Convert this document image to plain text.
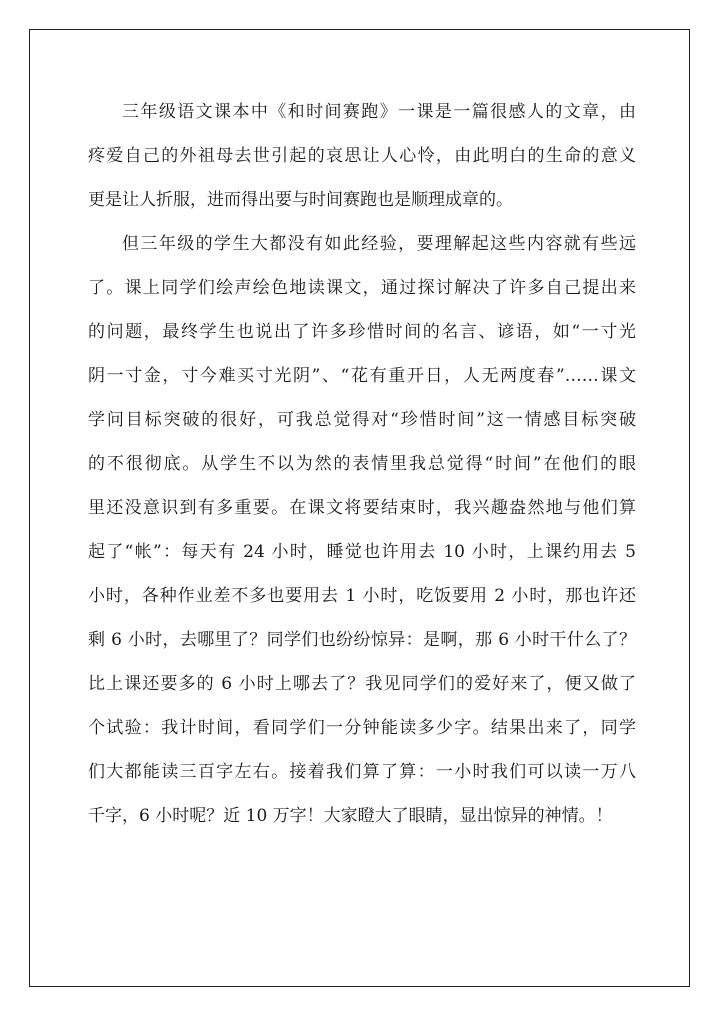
三年级语文课本中《和时间赛跑》一课是一篇很感人的文章，由
疼爱自己的外祖母去世引起的哀思让人心怜，由此明白的生命的意义
更是让人折服，进而得出要与时间赛跑也是顺理成章的。
但三年级的学生大都没有如此经验，要理解起这些内容就有些远
了。课上同学们绘声绘色地读课文，通过探讨解决了许多自己提出来
的问题，最终学生也说出了许多珍惜时间的名言、谚语，如“一寸光
阴一寸金，寸今难买寸光阴”、“花有重开日，人无两度春”……课文
学问目标突破的很好，可我总觉得对“珍惜时间”这一情感目标突破
的不很彻底。从学生不以为然的表情里我总觉得“时间”在他们的眼
里还没意识到有多重要。在课文将要结束时，我兴趣盎然地与他们算
起了“帐”：每天有 24 小时，睡觉也许用去 10 小时，上课约用去 5
小时，各种作业差不多也要用去 1 小时，吃饭要用 2 小时，那也许还
剩 6 小时，去哪里了？同学们也纷纷惊异：是啊，那 6 小时干什么了？
比上课还要多的 6 小时上哪去了？我见同学们的爱好来了，便又做了
个试验：我计时间，看同学们一分钟能读多少字。结果出来了，同学
们大都能读三百字左右。接着我们算了算：一小时我们可以读一万八
千字，6 小时呢？近 10 万字！大家瞪大了眼睛，显出惊异的神情。！
